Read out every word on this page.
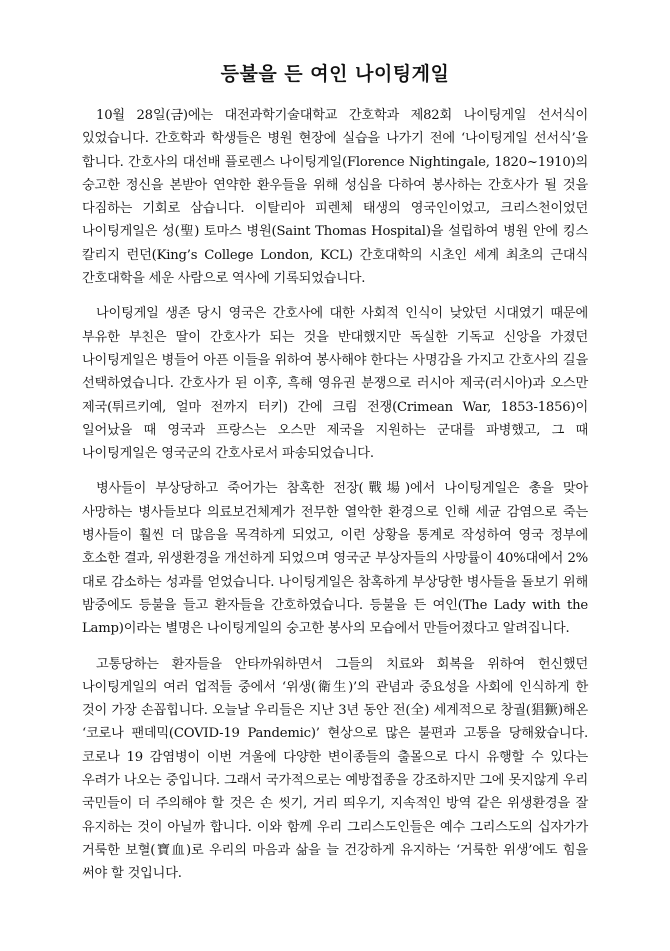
등불을 든 여인 나이팅게일

10월 28일(금)에는 대전과학기술대학교 간호학과 제82회 나이팅게일 선서식이 있었습니다. 간호학과 학생들은 병원 현장에 실습을 나가기 전에 ‘나이팅게일 선서식’을 합니다. 간호사의 대선배 플로렌스 나이팅게일(Florence Nightingale, 1820~1910)의 숭고한 정신을 본받아 연약한 환우들을 위해 성심을 다하여 봉사하는 간호사가 될 것을 다짐하는 기회로 삼습니다. 이탈리아 피렌체 태생의 영국인이었고, 크리스천이었던 나이팅게일은 성(聖) 토마스 병원(Saint Thomas Hospital)을 설립하여 병원 안에 킹스 칼리지 런던(King’s College London, KCL) 간호대학의 시초인 세계 최초의 근대식 간호대학을 세운 사람으로 역사에 기록되었습니다.

나이팅게일 생존 당시 영국은 간호사에 대한 사회적 인식이 낮았던 시대였기 때문에 부유한 부친은 딸이 간호사가 되는 것을 반대했지만 독실한 기독교 신앙을 가졌던 나이팅게일은 병들어 아픈 이들을 위하여 봉사해야 한다는 사명감을 가지고 간호사의 길을 선택하였습니다. 간호사가 된 이후, 흑해 영유권 분쟁으로 러시아 제국(러시아)과 오스만 제국(튀르키예, 얼마 전까지 터키) 간에 크림 전쟁(Crimean War, 1853-1856)이 일어났을 때 영국과 프랑스는 오스만 제국을 지원하는 군대를 파병했고, 그 때 나이팅게일은 영국군의 간호사로서 파송되었습니다.

병사들이 부상당하고 죽어가는 참혹한 전장(戰場)에서 나이팅게일은 총을 맞아 사망하는 병사들보다 의료보건체계가 전무한 열악한 환경으로 인해 세균 감염으로 죽는 병사들이 훨씬 더 많음을 목격하게 되었고, 이런 상황을 통계로 작성하여 영국 정부에 호소한 결과, 위생환경을 개선하게 되었으며 영국군 부상자들의 사망률이 40%대에서 2%대로 감소하는 성과를 얻었습니다. 나이팅게일은 참혹하게 부상당한 병사들을 돌보기 위해 밤중에도 등불을 들고 환자들을 간호하였습니다. 등불을 든 여인(The Lady with the Lamp)이라는 별명은 나이팅게일의 숭고한 봉사의 모습에서 만들어졌다고 알려집니다.

고통당하는 환자들을 안타까워하면서 그들의 치료와 회복을 위하여 헌신했던 나이팅게일의 여러 업적들 중에서 ‘위생(衛生)’의 관념과 중요성을 사회에 인식하게 한 것이 가장 손꼽힙니다. 오늘날 우리들은 지난 3년 동안 전(全) 세계적으로 창궐(猖獗)해온 ‘코로나 팬데믹(COVID-19 Pandemic)’ 현상으로 많은 불편과 고통을 당해왔습니다. 코로나 19 감염병이 이번 겨울에 다양한 변이종들의 출몰으로 다시 유행할 수 있다는 우려가 나오는 중입니다. 그래서 국가적으로는 예방접종을 강조하지만 그에 못지않게 우리 국민들이 더 주의해야 할 것은 손 씻기, 거리 띄우기, 지속적인 방역 같은 위생환경을 잘 유지하는 것이 아닐까 합니다. 이와 함께 우리 그리스도인들은 예수 그리스도의 십자가가 거룩한 보혈(寶血)로 우리의 마음과 삶을 늘 건강하게 유지하는 ‘거룩한 위생’에도 힘을 써야 할 것입니다.
